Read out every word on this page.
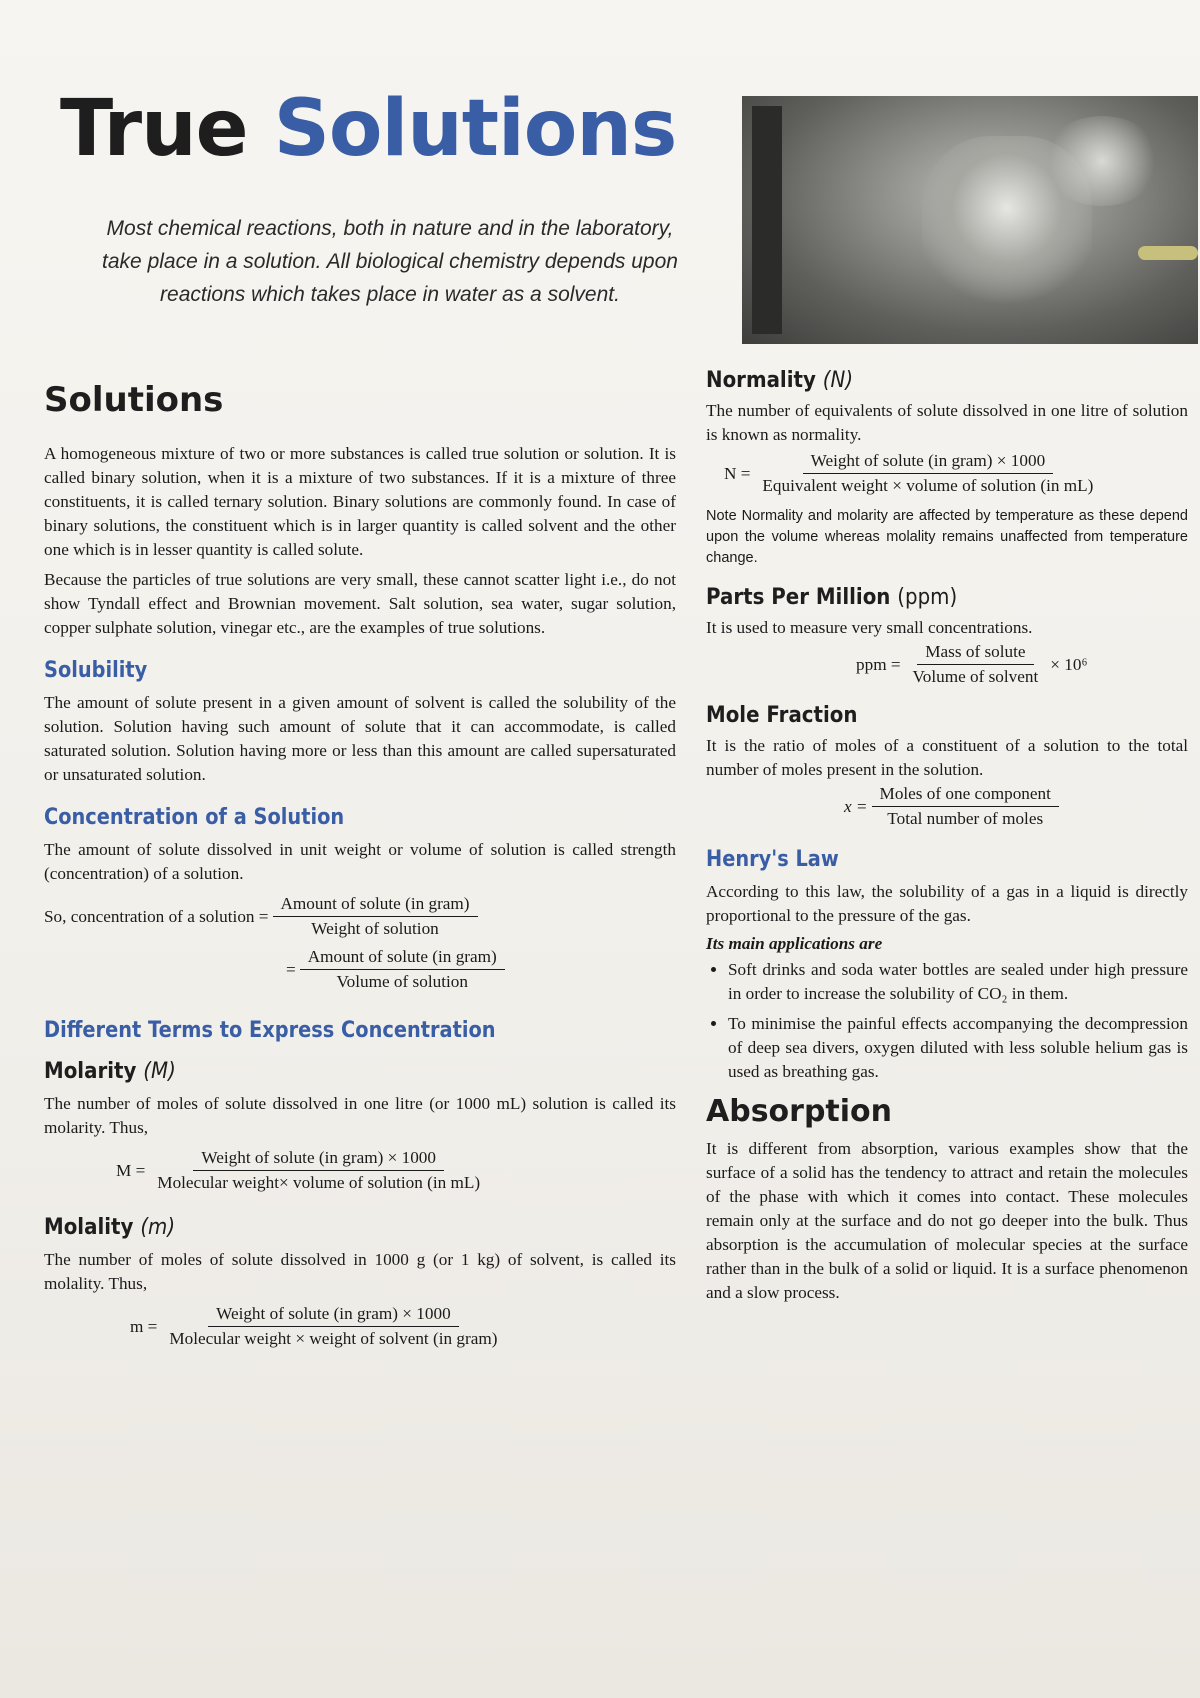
True Solutions
Most chemical reactions, both in nature and in the laboratory, take place in a solution. All biological chemistry depends upon reactions which takes place in water as a solvent.
Solutions

A homogeneous mixture of two or more substances is called true solution or solution. It is called binary solution, when it is a mixture of two substances. If it is a mixture of three constituents, it is called ternary solution. Binary solutions are commonly found. In case of binary solutions, the constituent which is in larger quantity is called solvent and the other one which is in lesser quantity is called solute.

Because the particles of true solutions are very small, these cannot scatter light i.e., do not show Tyndall effect and Brownian movement. Salt solution, sea water, sugar solution, copper sulphate solution, vinegar etc., are the examples of true solutions.

Solubility

The amount of solute present in a given amount of solvent is called the solubility of the solution. Solution having such amount of solute that it can accommodate, is called saturated solution. Solution having more or less than this amount are called supersaturated or unsaturated solution.

Concentration of a Solution

The amount of solute dissolved in unit weight or volume of solution is called strength (concentration) of a solution.

So, concentration of a solution = $\frac{\text{Amount of solute (in gram)}}{\text{Weight of solution}}$
= $\frac{\text{Amount of solute (in gram)}}{\text{Volume of solution}}$
Different Terms to Express Concentration
Molarity (M)

The number of moles of solute dissolved in one litre (or 1000 mL) solution is called its molarity. Thus,

$M = \frac{\text{Weight of solute (in gram) × 1000}}{\text{Molecular weight× volume of solution (in mL)}}$
Molality (m)

The number of moles of solute dissolved in 1000 g (or 1 kg) of solvent, is called its molality. Thus,

$m = \frac{\text{Weight of solute (in gram) × 1000}}{\text{Molecular weight × weight of solvent (in gram)}}$
Normality (N)

The number of equivalents of solute dissolved in one litre of solution is known as normality.

$N = \frac{\text{Weight of solute (in gram) × 1000}}{\text{Equivalent weight × volume of solution (in mL)}}$

Note Normality and molarity are affected by temperature as these depend upon the volume whereas molality remains unaffected from temperature change.

Parts Per Million (ppm)

It is used to measure very small concentrations.

ppm = $\frac{\text{Mass of solute}}{\text{Volume of solvent}} \times 10^6$
Mole Fraction

It is the ratio of moles of a constituent of a solution to the total number of moles present in the solution.

$x = \frac{\text{Moles of one component}}{\text{Total number of moles}}$
Henry's Law

According to this law, the solubility of a gas in a liquid is directly proportional to the pressure of the gas.

Its main applications are
• Soft drinks and soda water bottles are sealed under high pressure in order to increase the solubility of CO₂ in them.
• To minimise the painful effects accompanying the decompression of deep sea divers, oxygen diluted with less soluble helium gas is used as breathing gas.
Absorption

It is different from absorption, various examples show that the surface of a solid has the tendency to attract and retain the molecules of the phase with which it comes into contact. These molecules remain only at the surface and do not go deeper into the bulk. Thus absorption is the accumulation of molecular species at the surface rather than in the bulk of a solid or liquid. It is a surface phenomenon and a slow process.
